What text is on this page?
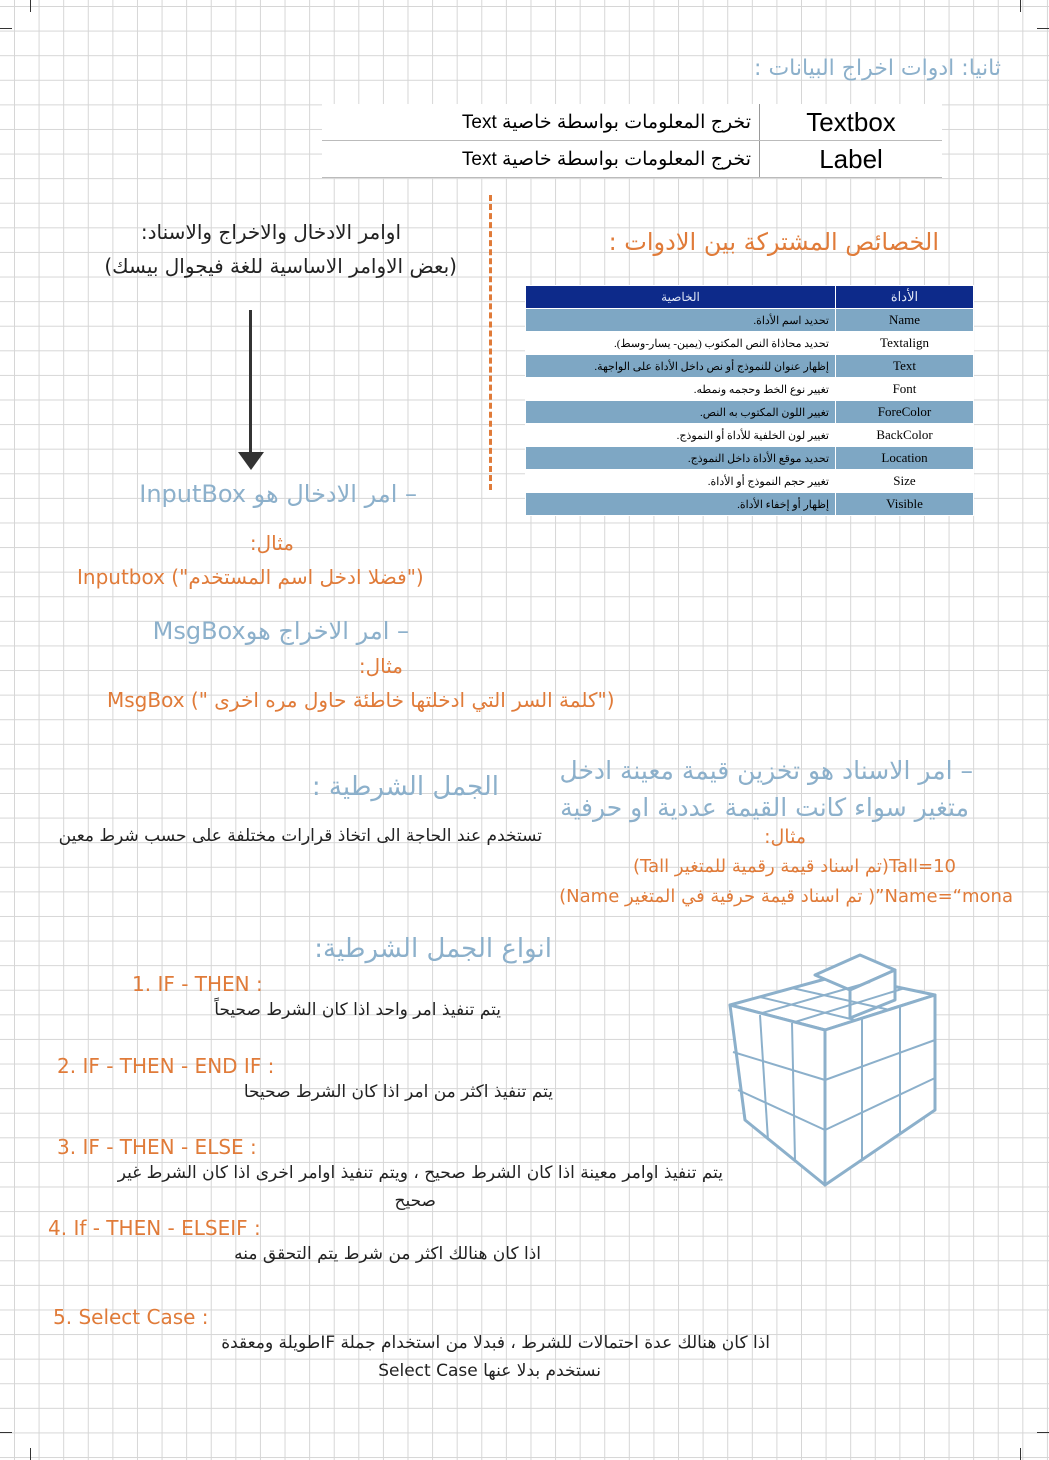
ثانيا: ادوات اخراج البيانات :
تخرج المعلومات بواسطة خاصية Text	Textbox
تخرج المعلومات بواسطة خاصية Text	Label
الخصائص المشتركة بين الادوات :
الخاصية	الأداة
تحديد اسم الأداة.	Name
تحديد محاذاة النص المكتوب (يمين- يسار-وسط).	Textalign
إظهار عنوان للنموذج أو نص داخل الأداة على الواجهة.	Text
تغيير نوع الخط وحجمه ونمطه.	Font
تغيير اللون المكتوب به النص.	ForeColor
تغيير لون الخلفية للأداة أو النموذج.	BackColor
تحديد موقع الأداة داخل النموذج.	Location
تغيير حجم النموذج أو الأداة.	Size
إظهار أو إخفاء الأداة.	Visible
اوامر الادخال والاخراج والاسناد:
(بعض الاوامر الاساسية للغة فيجوال بيسك)
– امر الادخال هو InputBox
مثال:
Inputbox ("فضلا ادخل اسم المستخدم")
– امر الاخراج هوMsgBox
مثال:
MsgBox (" كلمة السر التي ادخلتها خاطئة حاول مره اخرى")
– امر الاسناد هو تخزين قيمة معينة ادخل
متغير سواء كانت القيمة عددية او حرفية
مثال:
Tall=10(تم اسناد قيمة رقمية للمتغير Tall)
Name=“mona”( تم اسناد قيمة حرفية في المتغير Name)
الجمل الشرطية :
تستخدم عند الحاجة الى اتخاذ قرارات مختلفة على حسب شرط معين
انواع الجمل الشرطية:
1. IF - THEN :
يتم تنفيذ امر واحد اذا كان الشرط صحيحاً
2. IF - THEN - END IF :
يتم تنفيذ اكثر من امر اذا كان الشرط صحيحا
3. IF - THEN - ELSE :
يتم تنفيذ اوامر معينة اذا كان الشرط صحيح ، ويتم تنفيذ اوامر اخرى اذا كان الشرط غير
صحيح
4. If - THEN - ELSEIF :
اذا كان هنالك اكثر من شرط يتم التحقق منه
5. Select Case :
اذا كان هنالك عدة احتمالات للشرط ، فبدلا من استخدام جملة IFطويلة ومعقدة
نستخدم بدلا عنها Select Case
